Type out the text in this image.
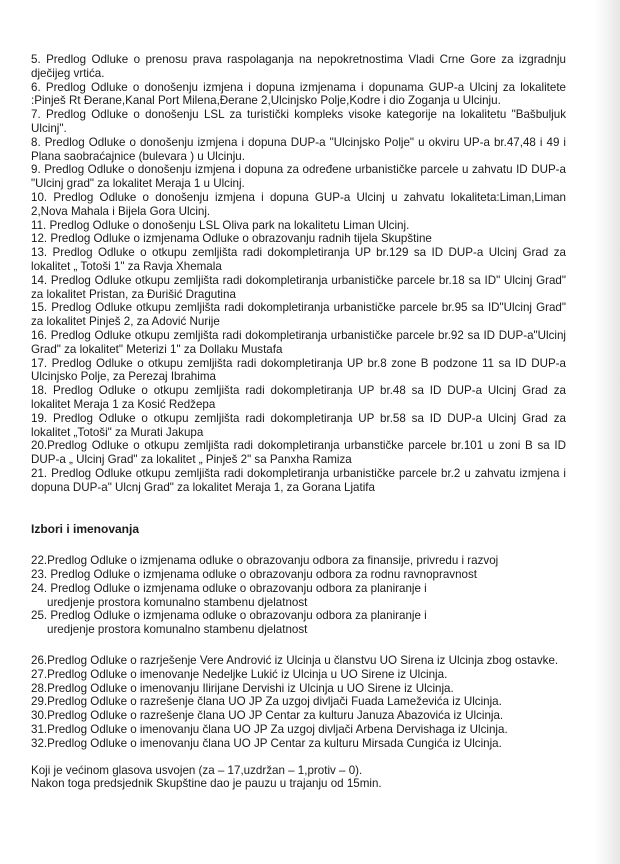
5. Predlog Odluke o prenosu prava raspolaganja na nepokretnostima Vladi Crne Gore za izgradnju dječijeg vrtića.

6. Predlog Odluke o donošenju izmjena i dopuna izmjenama i dopunama GUP-a Ulcinj za lokalitete :Pinješ Rt Đerane,Kanal Port Milena,Đerane 2,Ulcinjsko Polje,Kodre i dio Zoganja u Ulcinju.

7. Predlog Odluke o donošenju LSL za turistički kompleks visoke kategorije na lokalitetu "Bašbuljuk Ulcinj".

8. Predlog Odluke o donošenju izmjena i dopuna DUP-a "Ulcinjsko Polje" u okviru UP-a br.47,48 i 49 i Plana saobraćajnice (bulevara ) u Ulcinju.

9. Predlog Odluke o donošenju izmjena i dopuna za određene urbanističke parcele u zahvatu ID DUP-a "Ulcinj grad" za lokalitet Meraja 1 u Ulcinj.

10. Predlog Odluke o donošenju izmjena i dopuna GUP-a Ulcinj u zahvatu lokaliteta:Liman,Liman 2,Nova Mahala i Bijela Gora Ulcinj.

11. Predlog Odluke o donošenju LSL Oliva park na lokalitetu Liman Ulcinj.

12. Predlog Odluke o izmjenama Odluke o obrazovanju radnih tijela Skupštine

13. Predlog Odluke o otkupu zemljišta radi dokompletiranja UP br.129 sa ID DUP-a Ulcinj Grad za lokalitet „ Totoši 1" za Ravja Xhemala

14. Predlog Odluke otkupu zemljišta radi dokompletiranja urbanističke parcele br.18 sa ID" Ulcinj Grad" za lokalitet Pristan, za Đurišić Dragutina

15. Predlog Odluke otkupu zemljišta radi dokompletiranja urbanističke parcele br.95 sa ID"Ulcinj Grad" za lokalitet Pinješ 2, za Adović Nurije

16. Predlog Odluke otkupu zemljišta radi dokompletiranja urbanističke parcele br.92 sa ID DUP-a"Ulcinj Grad" za lokalitet" Meterizi 1" za Dollaku Mustafa

17. Predlog Odluke o otkupu zemljišta radi dokompletiranja UP br.8 zone B podzone 11 sa ID DUP-a Ulcinjsko Polje, za Perezaj Ibrahima

18. Predlog Odluke o otkupu zemljišta radi dokompletiranja UP br.48 sa ID DUP-a Ulcinj Grad za lokalitet Meraja 1 za Kosić Redžepa

19. Predlog Odluke o otkupu zemljišta radi dokompletiranja UP br.58 sa ID DUP-a Ulcinj Grad za lokalitet „Totoši" za Murati Jakupa

20.Predlog Odluke o otkupu zemljišta radi dokompletiranja urbanstičke parcele br.101 u zoni B sa ID DUP-a „ Ulcinj Grad" za lokalitet „ Pinješ 2" sa Panxha Ramiza

21. Predlog Odluke otkupu zemljišta radi dokompletiranja urbanističke parcele br.2 u zahvatu izmjena i dopuna DUP-a" Ulcnj Grad" za lokalitet Meraja 1, za Gorana Ljatifa

Izbori i imenovanja

22.Predlog Odluke o izmjenama odluke o obrazovanju odbora za finansije, privredu i razvoj

23. Predlog Odluke o izmjenama odluke o obrazovanju odbora za rodnu ravnopravnost

24. Predlog Odluke o izmjenama odluke o obrazovanju odbora za planiranje i

uredjenje prostora komunalno stambenu djelatnost

25. Predlog Odluke o izmjenama odluke o obrazovanju odbora za planiranje i

uredjenje prostora komunalno stambenu djelatnost

26.Predlog Odluke o razrješenje Vere Andrović iz Ulcinja u članstvu UO Sirena iz Ulcinja zbog ostavke.

27.Predlog Odluke o imenovanje Nedeljke Lukić iz Ulcinja u UO Sirene iz Ulcinja.

28.Predlog Odluke o imenovanju Ilirijane Dervishi iz Ulcinja u UO Sirene iz Ulcinja.

29.Predlog Odluke o razrešenje člana UO JP Za uzgoj divljači Fuada Lameževića iz Ulcinja.

30.Predlog Odluke o razrešenje člana UO JP Centar za kulturu Januza Abazovića iz Ulcinja.

31.Predlog Odluke o imenovanju člana UO JP Za uzgoj divljači Arbena Dervishaga iz Ulcinja.

32.Predlog Odluke o imenovanju člana UO JP Centar za kulturu Mirsada Cungića iz Ulcinja.

Koji je većinom glasova usvojen (za – 17,uzdržan – 1,protiv – 0).

Nakon toga predsjednik Skupštine dao je pauzu u trajanju od 15min.
